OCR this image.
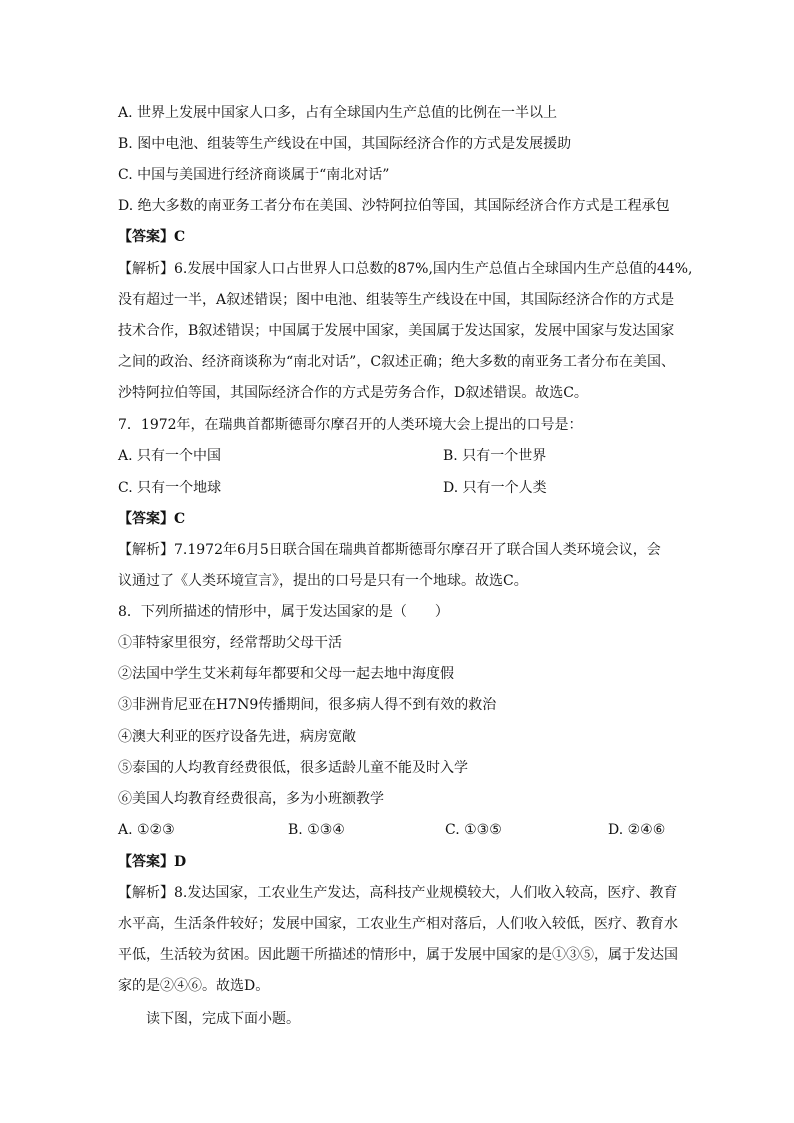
A. 世界上发展中国家人口多，占有全球国内生产总值的比例在一半以上
B. 图中电池、组装等生产线设在中国，其国际经济合作的方式是发展援助
C. 中国与美国进行经济商谈属于“南北对话”
D. 绝大多数的南亚务工者分布在美国、沙特阿拉伯等国，其国际经济合作方式是工程承包
【答案】C
【解析】6.发展中国家人口占世界人口总数的87%,国内生产总值占全球国内生产总值的44%,
没有超过一半，A叙述错误；图中电池、组装等生产线设在中国，其国际经济合作的方式是
技术合作，B叙述错误；中国属于发展中国家，美国属于发达国家，发展中国家与发达国家
之间的政治、经济商谈称为“南北对话”，C叙述正确；绝大多数的南亚务工者分布在美国、
沙特阿拉伯等国，其国际经济合作的方式是劳务合作，D叙述错误。故选C。
7．1972年，在瑞典首都斯德哥尔摩召开的人类环境大会上提出的口号是：
A. 只有一个中国	B. 只有一个世界
C. 只有一个地球	D. 只有一个人类
【答案】C
【解析】7.1972年6月5日联合国在瑞典首都斯德哥尔摩召开了联合国人类环境会议，会
议通过了《人类环境宣言》，提出的口号是只有一个地球。故选C。
8．下列所描述的情形中，属于发达国家的是（　　）
①菲特家里很穷，经常帮助父母干活
②法国中学生艾米莉每年都要和父母一起去地中海度假
③非洲肯尼亚在H7N9传播期间，很多病人得不到有效的救治
④澳大利亚的医疗设备先进，病房宽敞
⑤泰国的人均教育经费很低，很多适龄儿童不能及时入学
⑥美国人均教育经费很高，多为小班额教学
A. ①②③	B. ①③④	C. ①③⑤	D. ②④⑥
【答案】D
【解析】8.发达国家，工农业生产发达，高科技产业规模较大，人们收入较高，医疗、教育
水平高，生活条件较好；发展中国家，工农业生产相对落后，人们收入较低，医疗、教育水
平低，生活较为贫困。因此题干所描述的情形中，属于发展中国家的是①③⑤，属于发达国
家的是②④⑥。故选D。
读下图，完成下面小题。
